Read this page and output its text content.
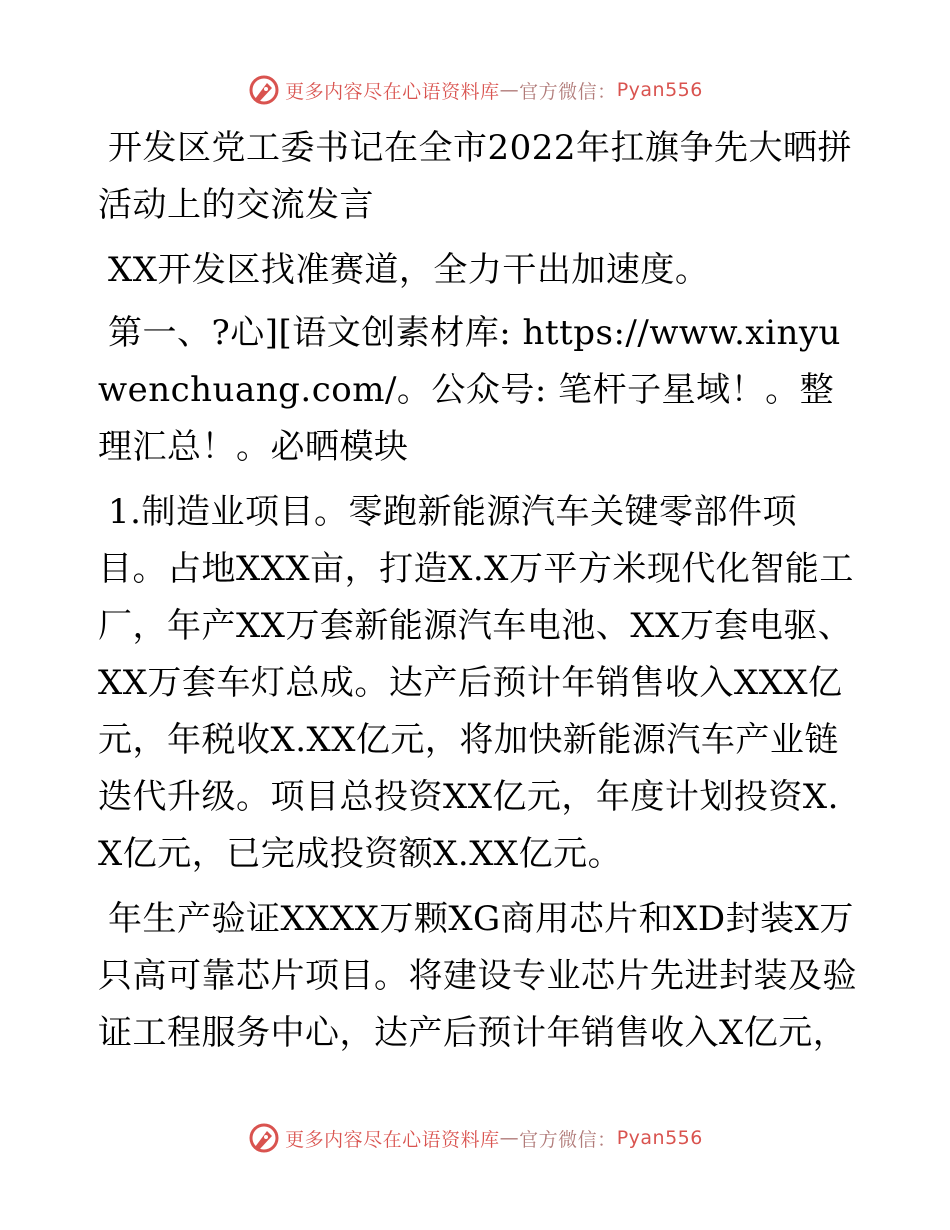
更多内容尽在心语资料库 — 官方微信： Pyan556

开发区党工委书记在全市2022年扛旗争先大晒拼活动上的交流发言

XX开发区找准赛道，全力干出加速度。

第一、?心][语文创素材库: https://www.xinyuwenchuang.com/。公众号: 笔杆子星域！。整理汇总！。必晒模块

1.制造业项目。零跑新能源汽车关键零部件项目。占地XXX亩，打造X.X万平方米现代化智能工厂，年产XX万套新能源汽车电池、XX万套电驱、XX万套车灯总成。达产后预计年销售收入XXX亿元，年税收X.XX亿元，将加快新能源汽车产业链迭代升级。项目总投资XX亿元，年度计划投资X.X亿元，已完成投资额X.XX亿元。

年生产验证XXXX万颗XG商用芯片和XD封装X万只高可靠芯片项目。将建设专业芯片先进封装及验证工程服务中心，达产后预计年销售收入X亿元，

更多内容尽在心语资料库 — 官方微信： Pyan556
